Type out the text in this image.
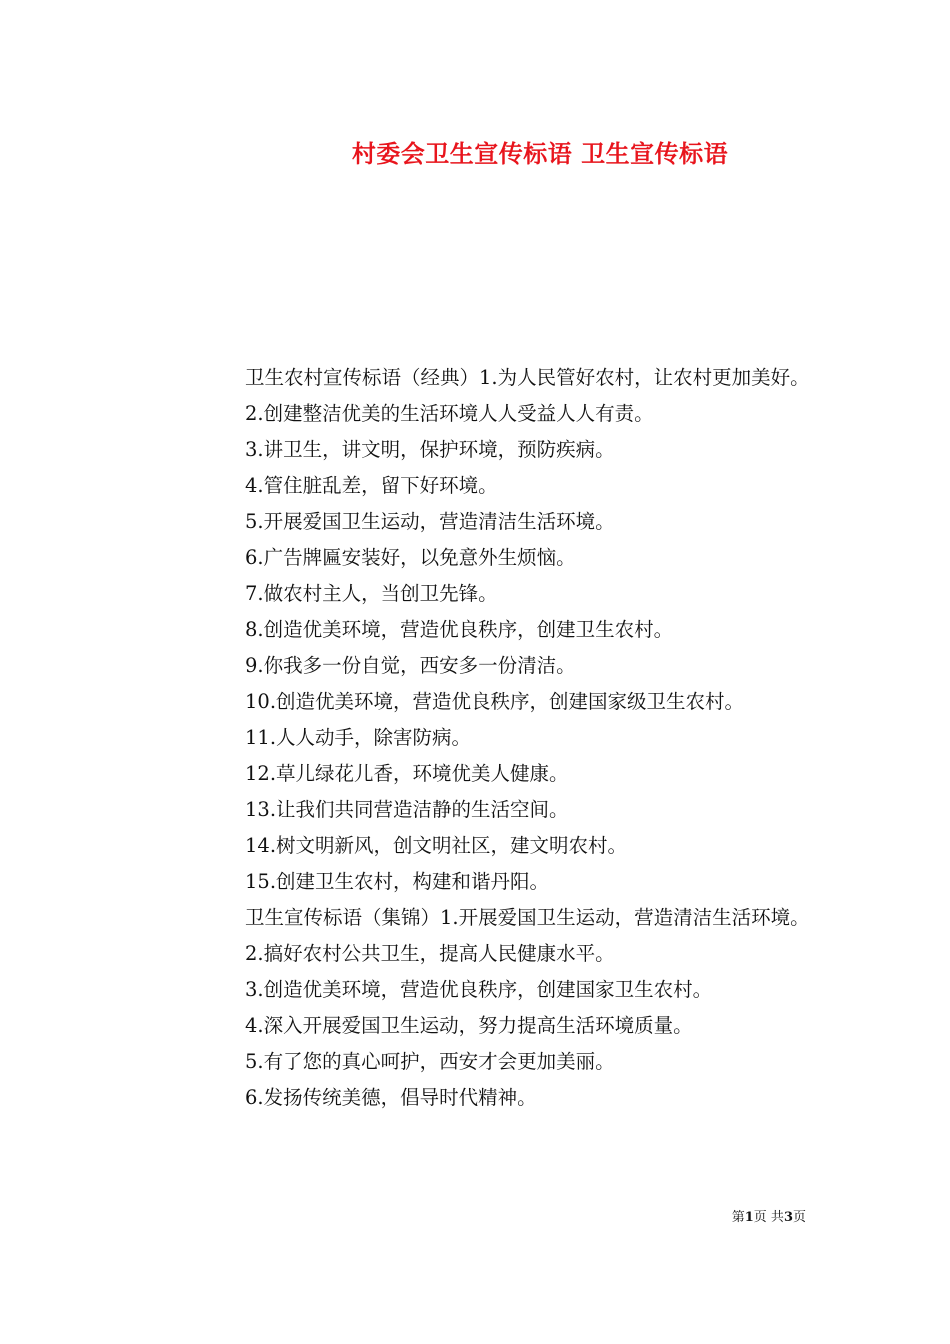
村委会卫生宣传标语 卫生宣传标语

卫生农村宣传标语（经典）1.为人民管好农村，让农村更加美好。

2.创建整洁优美的生活环境人人受益人人有责。

3.讲卫生，讲文明，保护环境，预防疾病。

4.管住脏乱差，留下好环境。

5.开展爱国卫生运动，营造清洁生活环境。

6.广告牌匾安装好，以免意外生烦恼。

7.做农村主人，当创卫先锋。

8.创造优美环境，营造优良秩序，创建卫生农村。

9.你我多一份自觉，西安多一份清洁。

10.创造优美环境，营造优良秩序，创建国家级卫生农村。

11.人人动手，除害防病。

12.草儿绿花儿香，环境优美人健康。

13.让我们共同营造洁静的生活空间。

14.树文明新风，创文明社区，建文明农村。

15.创建卫生农村，构建和谐丹阳。

卫生宣传标语（集锦）1.开展爱国卫生运动，营造清洁生活环境。

2.搞好农村公共卫生，提高人民健康水平。

3.创造优美环境，营造优良秩序，创建国家卫生农村。

4.深入开展爱国卫生运动，努力提高生活环境质量。

5.有了您的真心呵护，西安才会更加美丽。

6.发扬传统美德，倡导时代精神。

第1页 共3页
